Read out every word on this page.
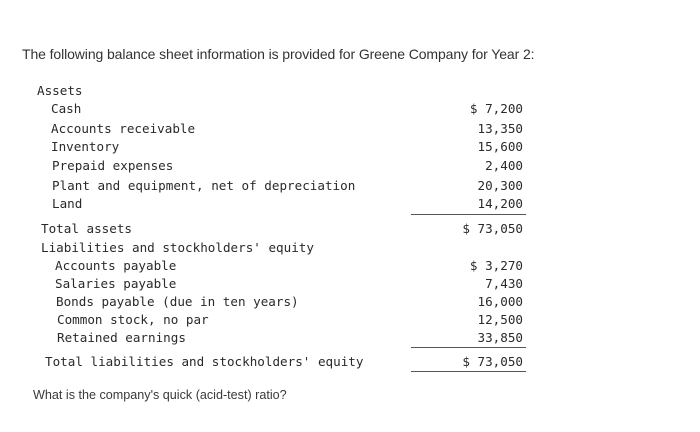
The following balance sheet information is provided for Greene Company for Year 2:
Assets
Cash	$ 7,200
Accounts receivable	13,350
Inventory	15,600
Prepaid expenses	2,400
Plant and equipment, net of depreciation	20,300
Land	14,200
Total assets	$ 73,050
Liabilities and stockholders' equity
Accounts payable	$ 3,270
Salaries payable	7,430
Bonds payable (due in ten years)	16,000
Common stock, no par	12,500
Retained earnings	33,850
Total liabilities and stockholders' equity	$ 73,050
What is the company's quick (acid-test) ratio?
